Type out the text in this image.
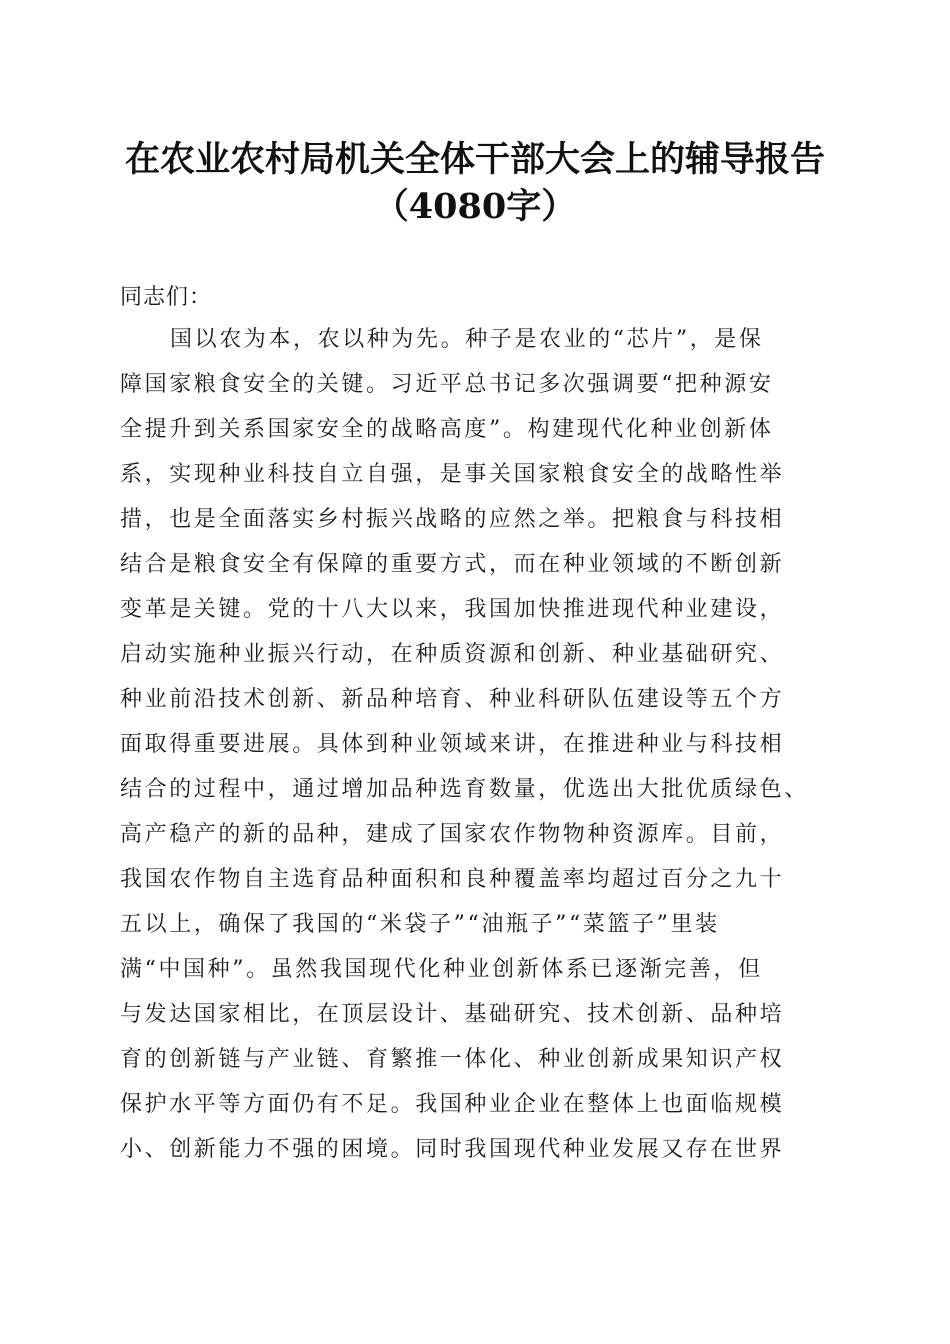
在农业农村局机关全体干部大会上的辅导报告
（4080字）
同志们：
国以农为本，农以种为先。种子是农业的“芯片”，是保
障国家粮食安全的关键。习近平总书记多次强调要“把种源安
全提升到关系国家安全的战略高度”。构建现代化种业创新体
系，实现种业科技自立自强，是事关国家粮食安全的战略性举
措，也是全面落实乡村振兴战略的应然之举。把粮食与科技相
结合是粮食安全有保障的重要方式，而在种业领域的不断创新
变革是关键。党的十八大以来，我国加快推进现代种业建设，
启动实施种业振兴行动，在种质资源和创新、种业基础研究、
种业前沿技术创新、新品种培育、种业科研队伍建设等五个方
面取得重要进展。具体到种业领域来讲，在推进种业与科技相
结合的过程中，通过增加品种选育数量，优选出大批优质绿色、
高产稳产的新的品种，建成了国家农作物物种资源库。目前，
我国农作物自主选育品种面积和良种覆盖率均超过百分之九十
五以上，确保了我国的“米袋子”“油瓶子”“菜篮子”里装
满“中国种”。虽然我国现代化种业创新体系已逐渐完善，但
与发达国家相比，在顶层设计、基础研究、技术创新、品种培
育的创新链与产业链、育繁推一体化、种业创新成果知识产权
保护水平等方面仍有不足。我国种业企业在整体上也面临规模
小、创新能力不强的困境。同时我国现代种业发展又存在世界
